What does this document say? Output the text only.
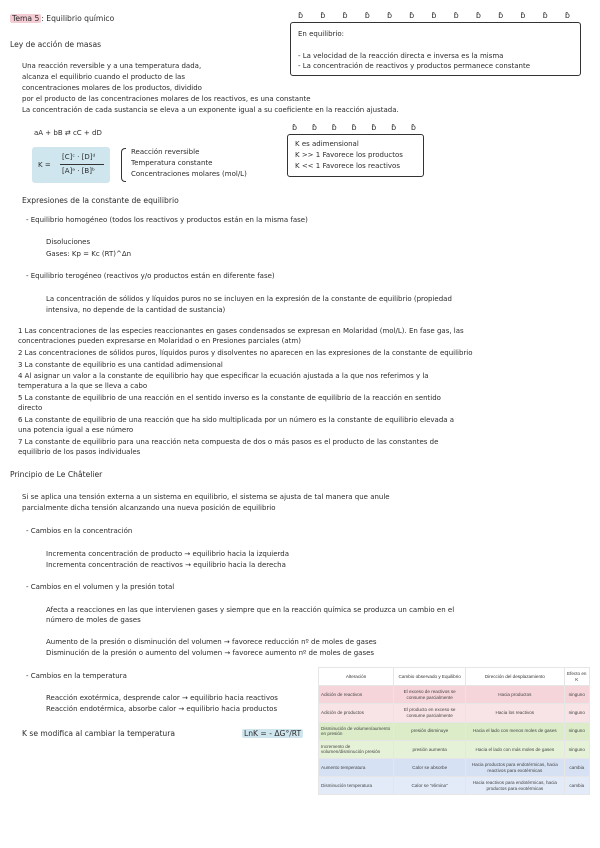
Tema 5 : Equilibrio químico	ɓ ɓ ɓ ɓ ɓ ɓ ɓ ɓ ɓ ɓ ɓ ɓ ɓ
En equilibrio:
- La velocidad de la reacción directa e inversa es la misma
- La concentración de reactivos y productos permanece constante
Ley de acción de masas
Una reacción reversible y a una temperatura dada,
alcanza el equilibrio cuando el producto de las
concentraciones molares de los productos, dividido
por el producto de las concentraciones molares de los reactivos, es una constante
La concentración de cada sustancia se eleva a un exponente igual a su coeficiente en la reacción ajustada.
aA + bB ⇄ cC + dD
K =
[C]ᶜ · [D]ᵈ
[A]ᵃ · [B]ᵇ
Reacción reversible
Temperatura constante
Concentraciones molares (mol/L)
ɓ ɓ ɓ ɓ ɓ ɓ ɓ
K es adimensional
K >> 1 Favorece los productos
K << 1 Favorece los reactivos
Expresiones de la constante de equilibrio
- Equilibrio homogéneo (todos los reactivos y productos están en la misma fase)
Disoluciones
Gases: Kp = Kc (RT)^Δn
- Equilibrio terogéneo (reactivos y/o productos están en diferente fase)
La concentración de sólidos y líquidos puros no se incluyen en la expresión de la constante de equilibrio (propiedad
intensiva, no depende de la cantidad de sustancia)
1 Las concentraciones de las especies reaccionantes en gases condensados se expresan en Molaridad (mol/L). En fase gas, las
concentraciones pueden expresarse en Molaridad o en Presiones parciales (atm)
2 Las concentraciones de sólidos puros, líquidos puros y disolventes no aparecen en las expresiones de la constante de equilibrio
3 La constante de equilibrio es una cantidad adimensional
4 Al asignar un valor a la constante de equilibrio hay que especificar la ecuación ajustada a la que nos referimos y la
temperatura a la que se lleva a cabo
5 La constante de equilibrio de una reacción en el sentido inverso es la constante de equilibrio de la reacción en sentido
directo
6 La constante de equilibrio de una reacción que ha sido multiplicada por un número es la constante de equilibrio elevada a
una potencia igual a ese número
7 La constante de equilibrio para una reacción neta compuesta de dos o más pasos es el producto de las constantes de
equilibrio de los pasos individuales
Principio de Le Châtelier
Si se aplica una tensión externa a un sistema en equilibrio, el sistema se ajusta de tal manera que anule
parcialmente dicha tensión alcanzando una nueva posición de equilibrio
- Cambios en la concentración
Incrementa concentración de producto → equilibrio hacia la izquierda
Incrementa concentración de reactivos → equilibrio hacia la derecha
- Cambios en el volumen y la presión total
Afecta a reacciones en las que intervienen gases y siempre que en la reacción química se produzca un cambio en el
número de moles de gases
Aumento de la presión o disminución del volumen → favorece reducción nº de moles de gases
Disminución de la presión o aumento del volumen → favorece aumento nº de moles de gases
- Cambios en la temperatura
Reacción exotérmica, desprende calor → equilibrio hacia reactivos
Reacción endotérmica, absorbe calor → equilibrio hacia productos
K se modifica al cambiar la temperatura	LnK = - ΔG°/RT
Alteración	Cambio observado y Equilibrio	Dirección del desplazamiento	Efecto en K
Adición de reactivos	El exceso de reactivos se consume parcialmente	Hacia productos	ninguno
Adición de productos	El producto en exceso se consume parcialmente	Hacia los reactivos	ninguno
Disminución de volumen/aumento en presión	presión disminuye	Hacia el lado con menos moles de gases	ninguno
Incremento de volumen/disminución presión	presión aumenta	Hacia el lado con más moles de gases	ninguno
Aumento temperatura	Calor se absorbe	Hacia productos para endotérmicas, hacia reactivos para exotérmicas	cambia
Disminución temperatura	Calor se "elimina"	Hacia reactivos para endotérmicas, hacia productos para exotérmicas	cambia
